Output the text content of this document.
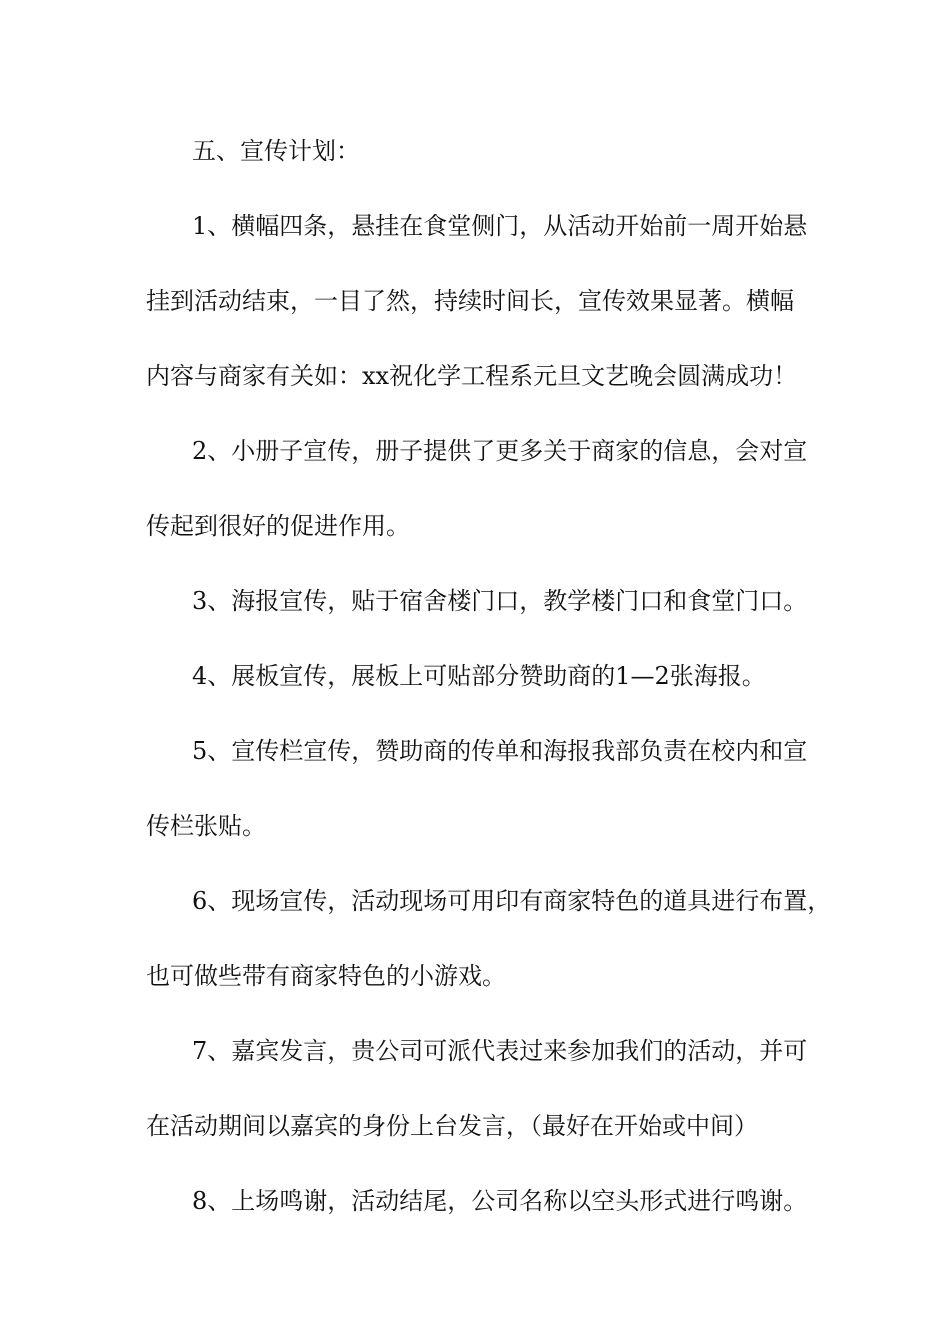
五、宣传计划：
1、横幅四条，悬挂在食堂侧门，从活动开始前一周开始悬
挂到活动结束，一目了然，持续时间长，宣传效果显著。横幅
内容与商家有关如：xx祝化学工程系元旦文艺晚会圆满成功！
2、小册子宣传，册子提供了更多关于商家的信息，会对宣
传起到很好的促进作用。
3、海报宣传，贴于宿舍楼门口，教学楼门口和食堂门口。
4、展板宣传，展板上可贴部分赞助商的1—2张海报。
5、宣传栏宣传，赞助商的传单和海报我部负责在校内和宣
传栏张贴。
6、现场宣传，活动现场可用印有商家特色的道具进行布置，
也可做些带有商家特色的小游戏。
7、嘉宾发言，贵公司可派代表过来参加我们的活动，并可
在活动期间以嘉宾的身份上台发言，（最好在开始或中间）
8、上场鸣谢，活动结尾，公司名称以空头形式进行鸣谢。
